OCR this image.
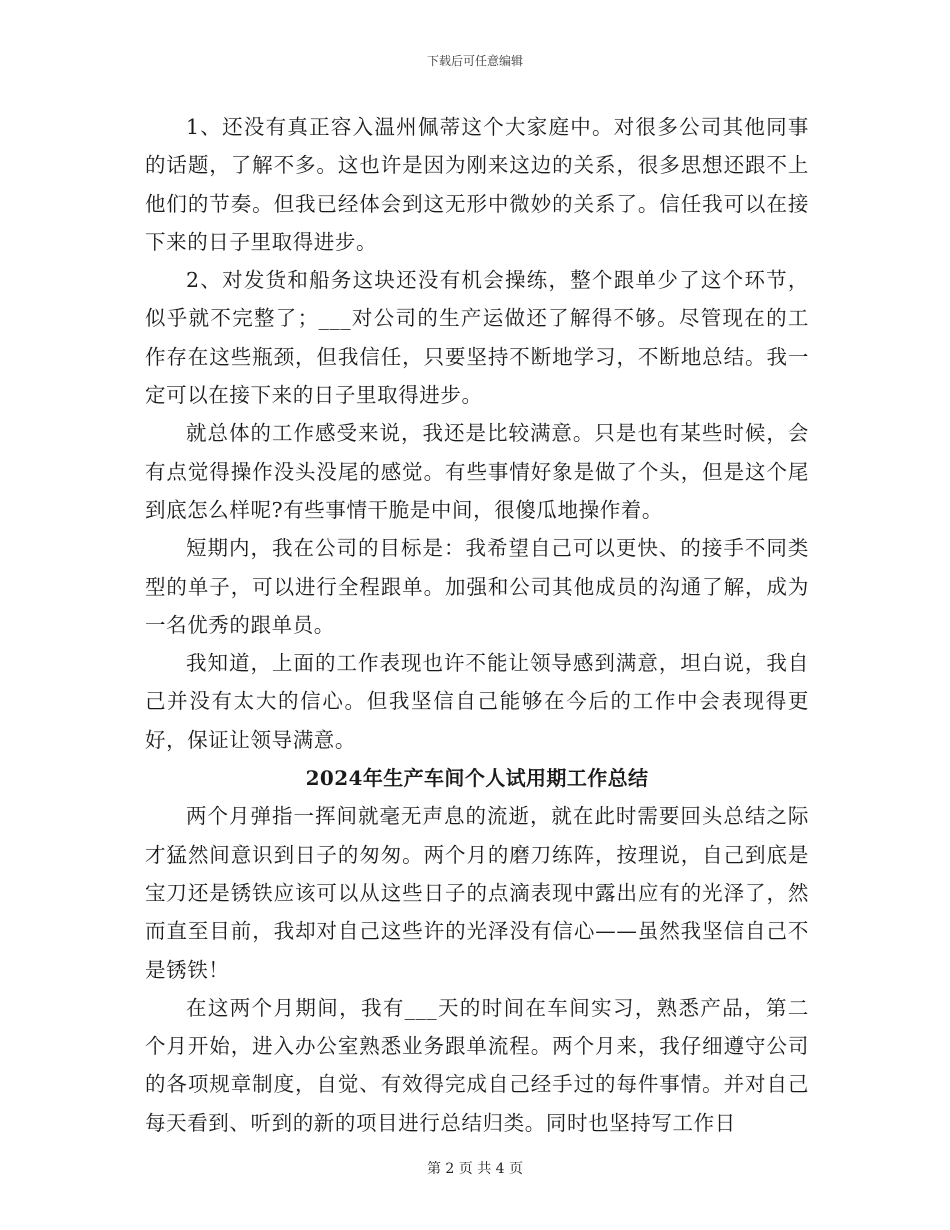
下载后可任意编辑

1、还没有真正容入温州佩蒂这个大家庭中。对很多公司其他同事的话题，了解不多。这也许是因为刚来这边的关系，很多思想还跟不上他们的节奏。但我已经体会到这无形中微妙的关系了。信任我可以在接下来的日子里取得进步。

2、对发货和船务这块还没有机会操练，整个跟单少了这个环节，似乎就不完整了；___对公司的生产运做还了解得不够。尽管现在的工作存在这些瓶颈，但我信任，只要坚持不断地学习，不断地总结。我一定可以在接下来的日子里取得进步。

就总体的工作感受来说，我还是比较满意。只是也有某些时候，会有点觉得操作没头没尾的感觉。有些事情好象是做了个头，但是这个尾到底怎么样呢?有些事情干脆是中间，很傻瓜地操作着。

短期内，我在公司的目标是：我希望自己可以更快、的接手不同类型的单子，可以进行全程跟单。加强和公司其他成员的沟通了解，成为一名优秀的跟单员。

我知道，上面的工作表现也许不能让领导感到满意，坦白说，我自己并没有太大的信心。但我坚信自己能够在今后的工作中会表现得更好，保证让领导满意。

2024年生产车间个人试用期工作总结

两个月弹指一挥间就毫无声息的流逝，就在此时需要回头总结之际才猛然间意识到日子的匆匆。两个月的磨刀练阵，按理说，自己到底是宝刀还是锈铁应该可以从这些日子的点滴表现中露出应有的光泽了，然而直至目前，我却对自己这些许的光泽没有信心——虽然我坚信自己不是锈铁！

在这两个月期间，我有___天的时间在车间实习，熟悉产品，第二个月开始，进入办公室熟悉业务跟单流程。两个月来，我仔细遵守公司的各项规章制度，自觉、有效得完成自己经手过的每件事情。并对自己每天看到、听到的新的项目进行总结归类。同时也坚持写工作日

第 2 页 共 4 页
